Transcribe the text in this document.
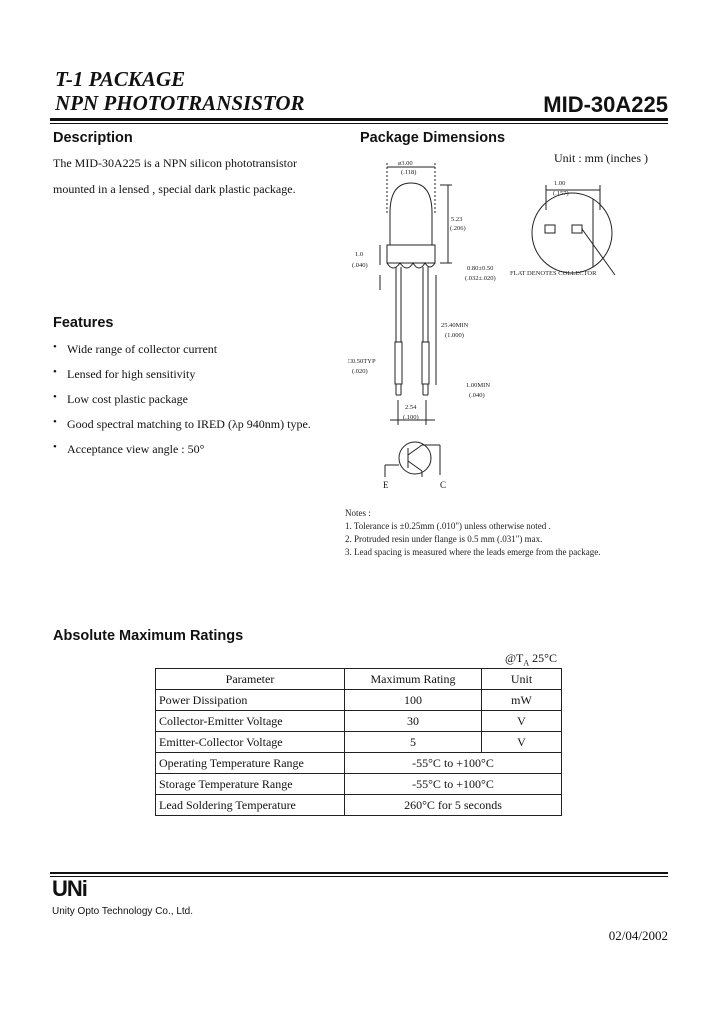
T-1 PACKAGE
NPN PHOTOTRANSISTOR	MID-30A225
Description
The MID-30A225 is a NPN silicon phototransistor
mounted in a lensed , special dark plastic package.
Features
• Wide range of collector current
• Lensed for high sensitivity
• Low cost plastic package
• Good spectral matching to IRED (λp 940nm) type.
• Acceptance view angle : 50°
Package Dimensions
Unit : mm (inches )
ø3.00
(.118)
5.23
(.206)
1.0
(.040)	0.80±0.50
(.032±.020)
25.40MIN
(1.000)
□0.50TYP
(.020)
1.00MIN
(.040)
2.54
(.100)
1.00
(.157)
FLAT DENOTES COLLECTOR
E	C
Notes :
1. Tolerance is ±0.25mm (.010") unless otherwise noted .
2. Protruded resin under flange is 0.5 mm (.031") max.
3. Lead spacing is measured where the leads emerge from the package.
Absolute Maximum Ratings
$@T_A$ 25°C
Parameter	Maximum Rating	Unit
Power Dissipation	100	mW
Collector-Emitter Voltage	30	V
Emitter-Collector Voltage	5	V
Operating Temperature Range	-55°C to +100°C	
Storage Temperature Range	-55°C to +100°C	
Lead Soldering Temperature	260°C for 5 seconds	
UNi
Unity Opto Technology Co., Ltd.
02/04/2002
